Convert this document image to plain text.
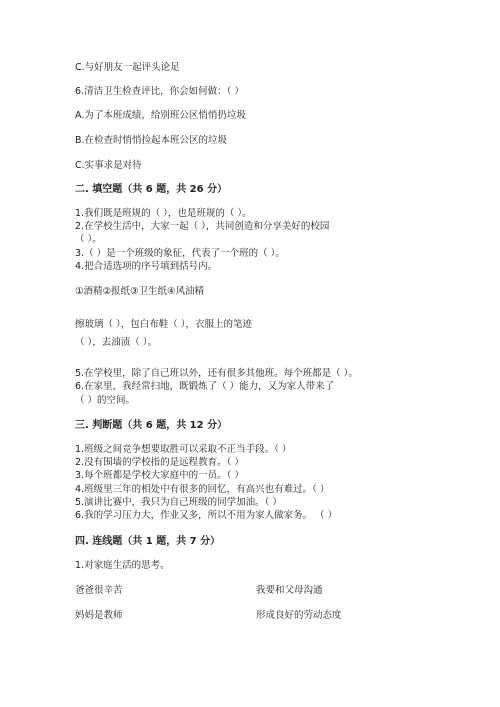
C.与好朋友一起评头论足

6.清洁卫生检查评比，你会如何做：（ ）

A.为了本班成绩，给别班公区悄悄扔垃圾

B.在检查时悄悄捡起本班公区的垃圾

C.实事求是对待

二. 填空题（共 6 题，共 26 分）

1.我们既是班规的（ ），也是班规的（ ）。

2.在学校生活中，大家一起（ ），共同创造和分享美好的校园

（ ）。

3.（ ）是一个班级的象征，代表了一个班的（ ）。

4.把合适选项的序号填到括号内。

①酒精②报纸③卫生纸④风油精

擦玻璃（ ），包白布鞋（ ），衣服上的笔迹

（ ），去油渍（ ）。

5.在学校里，除了自己班以外，还有很多其他班。每个班都是（ ）。

6.在家里，我经常扫地，既锻炼了（ ）能力，又为家人带来了

（ ）的空间。

三. 判断题（共 6 题，共 12 分）

1.班级之间竞争想要取胜可以采取不正当手段。（ ）

2.没有围墙的学校指的是远程教育。（ ）

3.每个班都是学校大家庭中的一员。（ ）

4.班级里三年的相处中有很多的回忆，有高兴也有难过。（ ）

5.演讲比赛中，我只为自己班级的同学加油。（ ）

6.我的学习压力大，作业又多，所以不用为家人做家务。 （ ）

四. 连线题（共 1 题，共 7 分）

1.对家庭生活的思考。

爸爸很辛苦	我要和父母沟通

妈妈是教师	形成良好的劳动态度
